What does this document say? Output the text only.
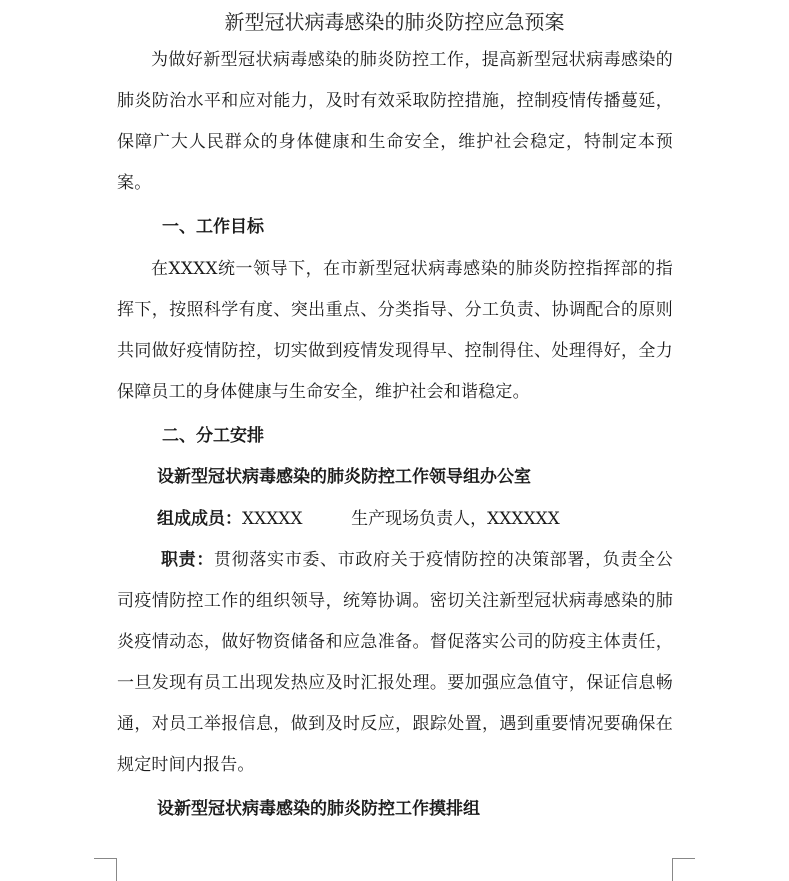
新型冠状病毒感染的肺炎防控应急预案

为做好新型冠状病毒感染的肺炎防控工作，提高新型冠状病毒感染的肺炎防治水平和应对能力，及时有效采取防控措施，控制疫情传播蔓延，保障广大人民群众的身体健康和生命安全，维护社会稳定，特制定本预案。

一、工作目标

在XXXX统一领导下，在市新型冠状病毒感染的肺炎防控指挥部的指挥下，按照科学有度、突出重点、分类指导、分工负责、协调配合的原则共同做好疫情防控，切实做到疫情发现得早、控制得住、处理得好，全力保障员工的身体健康与生命安全，维护社会和谐稳定。

二、分工安排
设新型冠状病毒感染的肺炎防控工作领导组办公室

组成成员：XXXXX         生产现场负责人，XXXXXX

职责：贯彻落实市委、市政府关于疫情防控的决策部署，负责全公司疫情防控工作的组织领导，统筹协调。密切关注新型冠状病毒感染的肺炎疫情动态，做好物资储备和应急准备。督促落实公司的防疫主体责任，一旦发现有员工出现发热应及时汇报处理。要加强应急值守，保证信息畅通，对员工举报信息，做到及时反应，跟踪处置，遇到重要情况要确保在规定时间内报告。

设新型冠状病毒感染的肺炎防控工作摸排组
